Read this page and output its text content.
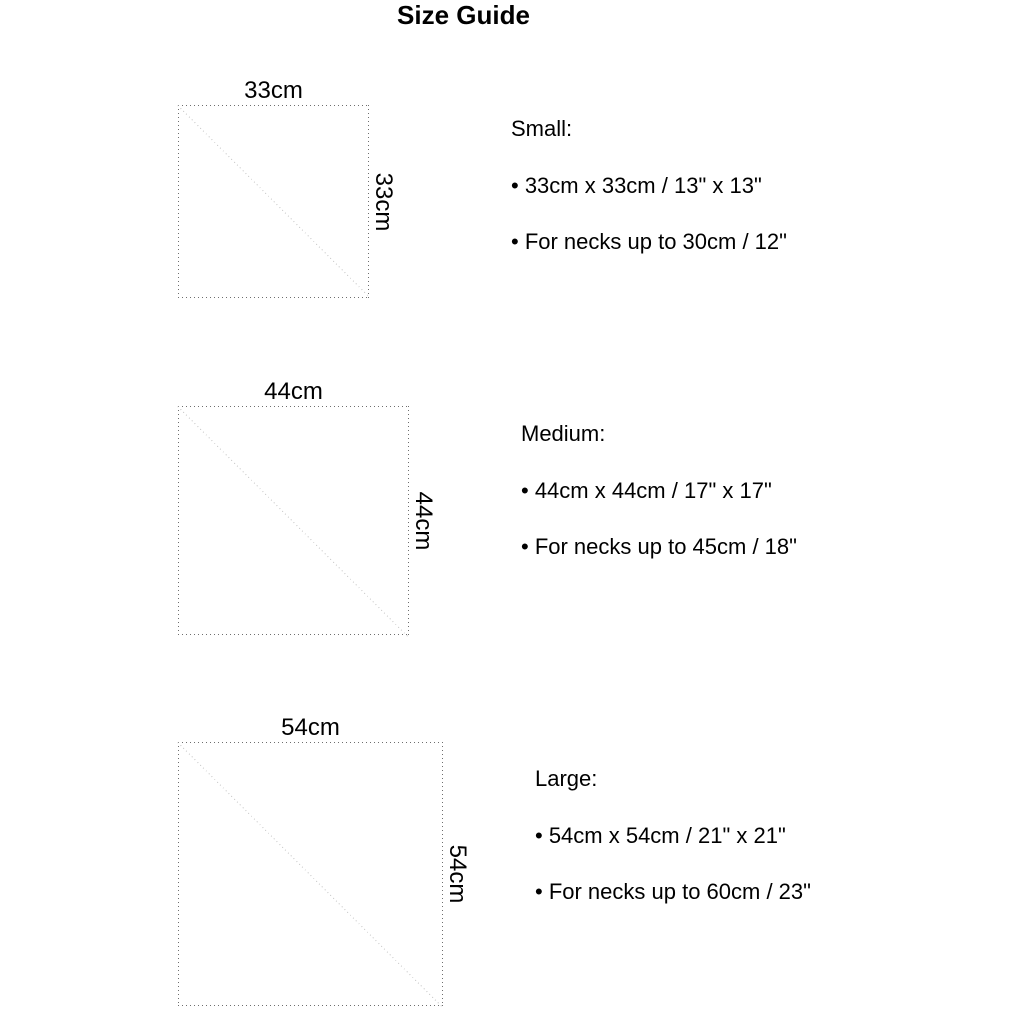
Size Guide
33cm
33cm
Small:
• 33cm x 33cm / 13" x 13"
• For necks up to 30cm / 12"
44cm
44cm
Medium:
• 44cm x 44cm / 17" x 17"
• For necks up to 45cm / 18"
54cm
54cm
Large:
• 54cm x 54cm / 21" x 21"
• For necks up to 60cm / 23"
